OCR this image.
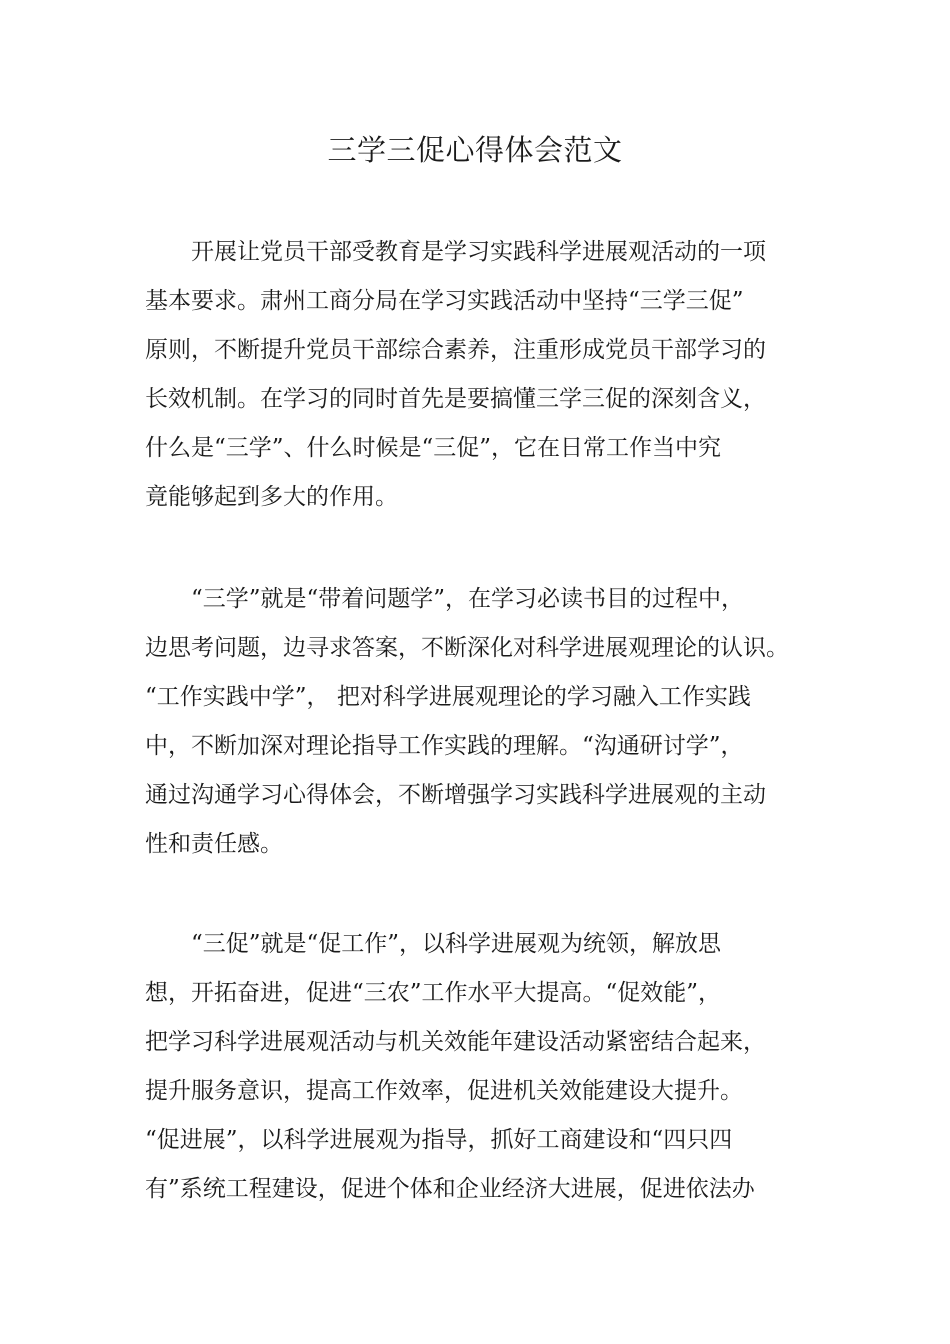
三学三促心得体会范文
开展让党员干部受教育是学习实践科学进展观活动的一项
基本要求。肃州工商分局在学习实践活动中坚持“三学三促”
原则，不断提升党员干部综合素养，注重形成党员干部学习的
长效机制。在学习的同时首先是要搞懂三学三促的深刻含义，
什么是“三学”、什么时候是“三促”，它在日常工作当中究
竟能够起到多大的作用。
“三学”就是“带着问题学”，在学习必读书目的过程中，
边思考问题，边寻求答案，不断深化对科学进展观理论的认识。
“工作实践中学”， 把对科学进展观理论的学习融入工作实践
中，不断加深对理论指导工作实践的理解。“沟通研讨学”，
通过沟通学习心得体会，不断增强学习实践科学进展观的主动
性和责任感。
“三促”就是“促工作”，以科学进展观为统领，解放思
想，开拓奋进，促进“三农”工作水平大提高。“促效能”，
把学习科学进展观活动与机关效能年建设活动紧密结合起来，
提升服务意识，提高工作效率，促进机关效能建设大提升。
“促进展”，以科学进展观为指导，抓好工商建设和“四只四
有”系统工程建设，促进个体和企业经济大进展，促进依法办
